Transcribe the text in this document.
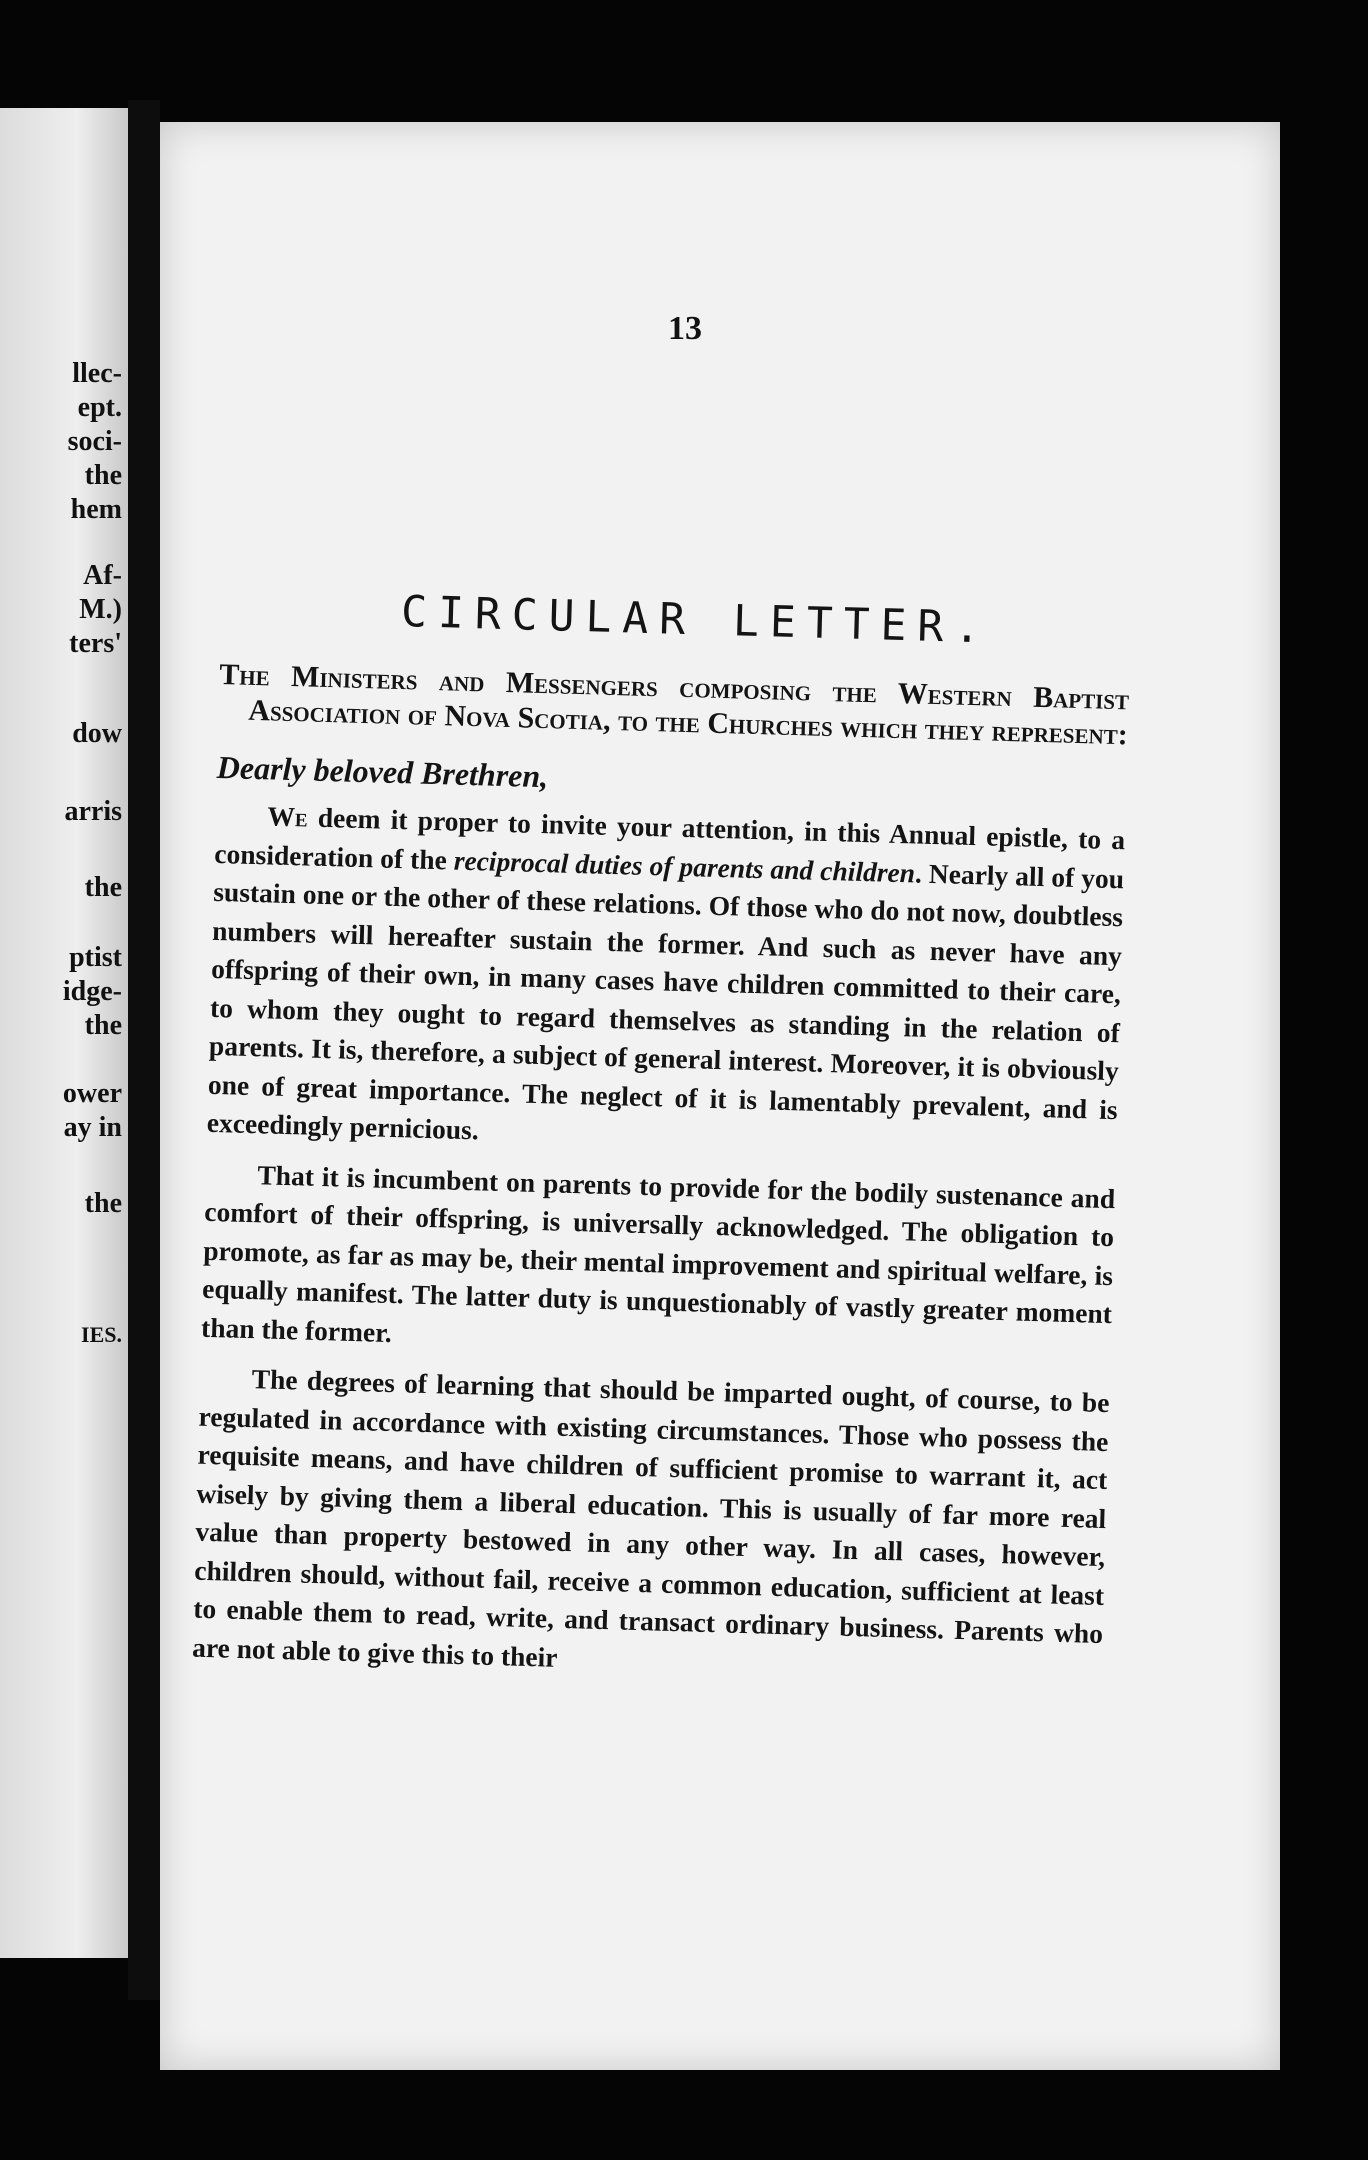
llec-

ept.

soci-

the

hem

Af-

M.)

ters'

dow

arris

the

ptist

idge-

the

ower

ay in

the

IES.

13

CIRCULAR LETTER.

The Ministers and Messengers composing the Western Baptist Association of Nova Scotia, to the Churches which they represent:

Dearly beloved Brethren,

We deem it proper to invite your attention, in this Annual epistle, to a consideration of the reciprocal duties of parents and children. Nearly all of you sustain one or the other of these relations. Of those who do not now, doubtless numbers will hereafter sustain the former. And such as never have any offspring of their own, in many cases have children committed to their care, to whom they ought to regard themselves as standing in the relation of parents. It is, therefore, a subject of general interest. Moreover, it is obviously one of great importance. The neglect of it is lamentably prevalent, and is exceedingly pernicious.

That it is incumbent on parents to provide for the bodily sustenance and comfort of their offspring, is universally acknowledged. The obligation to promote, as far as may be, their mental improvement and spiritual welfare, is equally manifest. The latter duty is unquestionably of vastly greater moment than the former.

The degrees of learning that should be imparted ought, of course, to be regulated in accordance with existing circumstances. Those who possess the requisite means, and have children of sufficient promise to warrant it, act wisely by giving them a liberal education. This is usually of far more real value than property bestowed in any other way. In all cases, however, children should, without fail, receive a common education, sufficient at least to enable them to read, write, and transact ordinary business. Parents who are not able to give this to their
